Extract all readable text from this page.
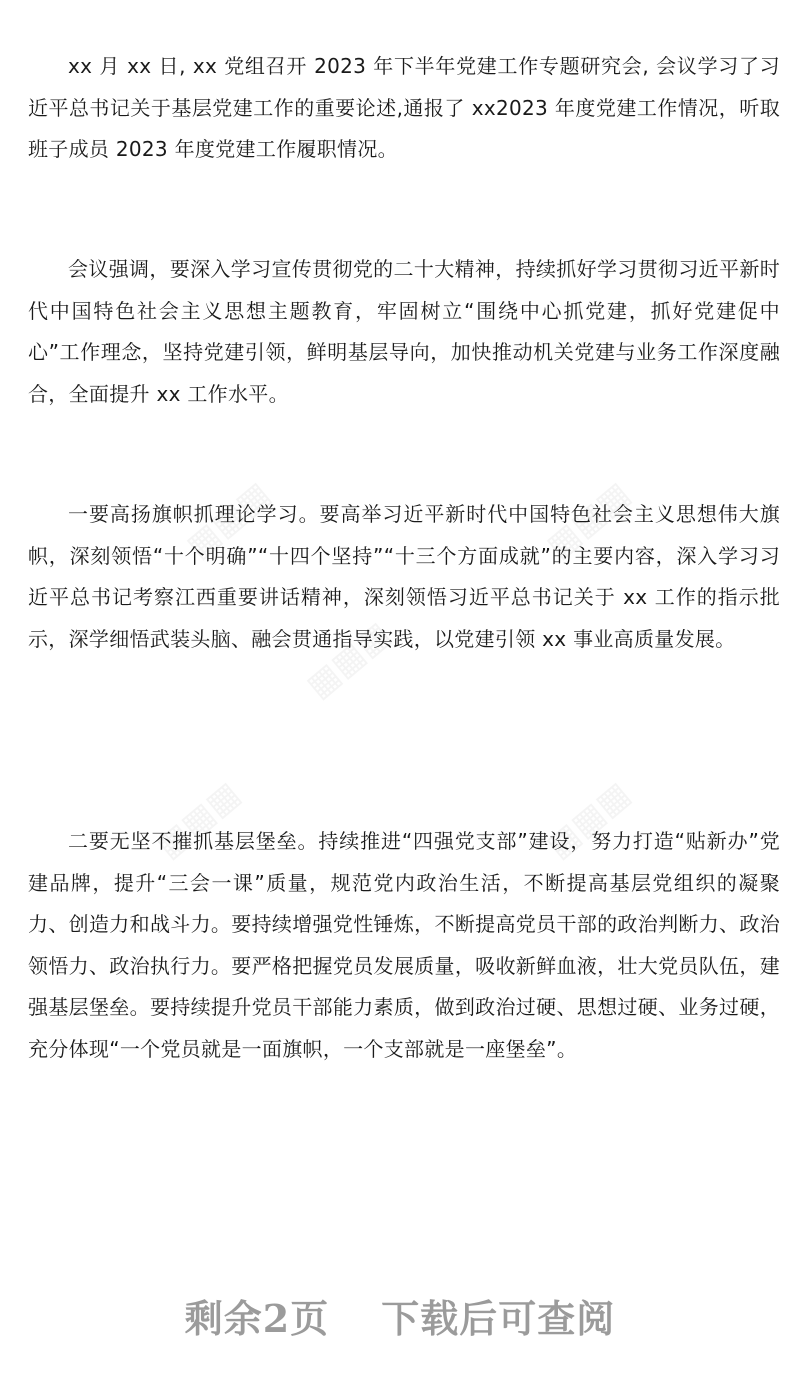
▦▦▦	▦▦▦
▦▦▦
▦▦▦	▦▦▦

xx 月 xx 日, xx 党组召开 2023 年下半年党建工作专题研究会, 会议学习了习近平总书记关于基层党建工作的重要论述,通报了 xx2023 年度党建工作情况，听取班子成员 2023 年度党建工作履职情况。

会议强调，要深入学习宣传贯彻党的二十大精神，持续抓好学习贯彻习近平新时代中国特色社会主义思想主题教育，牢固树立“围绕中心抓党建，抓好党建促中心”工作理念，坚持党建引领，鲜明基层导向，加快推动机关党建与业务工作深度融合，全面提升 xx 工作水平。

一要高扬旗帜抓理论学习。要高举习近平新时代中国特色社会主义思想伟大旗帜，深刻领悟“十个明确”“十四个坚持”“十三个方面成就”的主要内容，深入学习习近平总书记考察江西重要讲话精神，深刻领悟习近平总书记关于 xx 工作的指示批示，深学细悟武装头脑、融会贯通指导实践，以党建引领 xx 事业高质量发展。

二要无坚不摧抓基层堡垒。持续推进“四强党支部”建设，努力打造“贴新办”党建品牌，提升“三会一课”质量，规范党内政治生活，不断提高基层党组织的凝聚力、创造力和战斗力。要持续增强党性锤炼，不断提高党员干部的政治判断力、政治领悟力、政治执行力。要严格把握党员发展质量，吸收新鲜血液，壮大党员队伍，建强基层堡垒。要持续提升党员干部能力素质，做到政治过硬、思想过硬、业务过硬，充分体现“一个党员就是一面旗帜，一个支部就是一座堡垒”。

剩余2页 下载后可查阅
